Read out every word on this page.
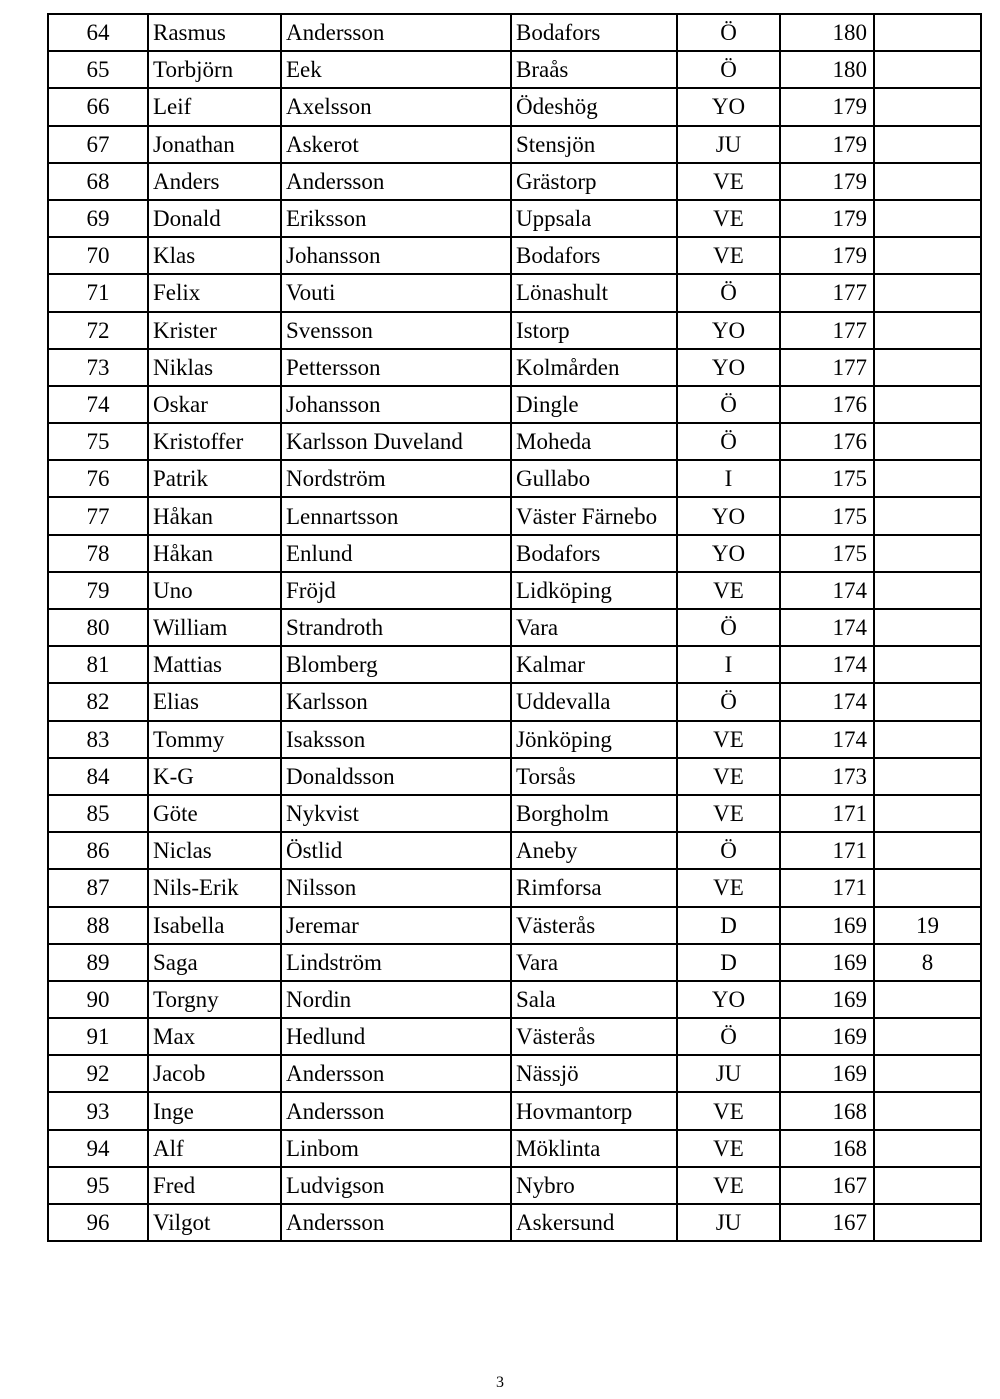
64	Rasmus	Andersson	Bodafors	Ö	180	
65	Torbjörn	Eek	Braås	Ö	180	
66	Leif	Axelsson	Ödeshög	YO	179	
67	Jonathan	Askerot	Stensjön	JU	179	
68	Anders	Andersson	Grästorp	VE	179	
69	Donald	Eriksson	Uppsala	VE	179	
70	Klas	Johansson	Bodafors	VE	179	
71	Felix	Vouti	Lönashult	Ö	177	
72	Krister	Svensson	Istorp	YO	177	
73	Niklas	Pettersson	Kolmården	YO	177	
74	Oskar	Johansson	Dingle	Ö	176	
75	Kristoffer	Karlsson Duveland	Moheda	Ö	176	
76	Patrik	Nordström	Gullabo	I	175	
77	Håkan	Lennartsson	Väster Färnebo	YO	175	
78	Håkan	Enlund	Bodafors	YO	175	
79	Uno	Fröjd	Lidköping	VE	174	
80	William	Strandroth	Vara	Ö	174	
81	Mattias	Blomberg	Kalmar	I	174	
82	Elias	Karlsson	Uddevalla	Ö	174	
83	Tommy	Isaksson	Jönköping	VE	174	
84	K-G	Donaldsson	Torsås	VE	173	
85	Göte	Nykvist	Borgholm	VE	171	
86	Niclas	Östlid	Aneby	Ö	171	
87	Nils-Erik	Nilsson	Rimforsa	VE	171	
88	Isabella	Jeremar	Västerås	D	169	19
89	Saga	Lindström	Vara	D	169	8
90	Torgny	Nordin	Sala	YO	169	
91	Max	Hedlund	Västerås	Ö	169	
92	Jacob	Andersson	Nässjö	JU	169	
93	Inge	Andersson	Hovmantorp	VE	168	
94	Alf	Linbom	Möklinta	VE	168	
95	Fred	Ludvigson	Nybro	VE	167	
96	Vilgot	Andersson	Askersund	JU	167	
3
